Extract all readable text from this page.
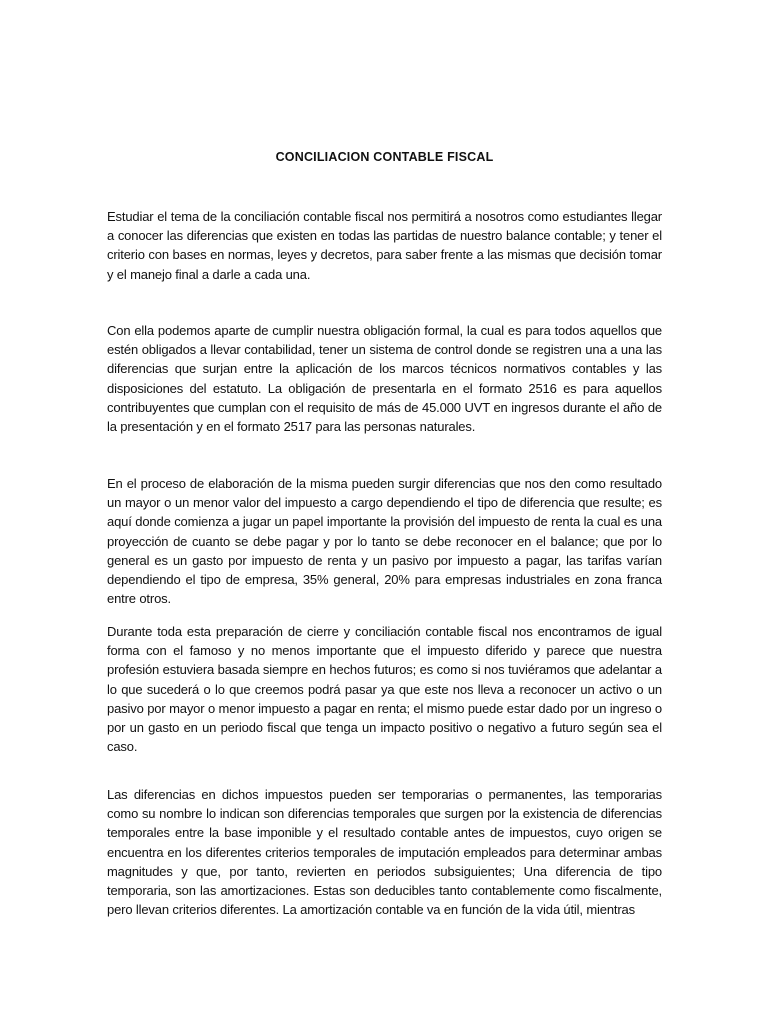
CONCILIACION CONTABLE FISCAL

Estudiar el tema de la conciliación contable fiscal nos permitirá a nosotros como estudiantes llegar a conocer las diferencias que existen en todas las partidas de nuestro balance contable; y tener el criterio con bases en normas, leyes y decretos, para saber frente a las mismas que decisión tomar y el manejo final a darle a cada una.

Con ella podemos aparte de cumplir nuestra obligación formal, la cual es para todos aquellos que estén obligados a llevar contabilidad, tener un sistema de control donde se registren una a una las diferencias que surjan entre la aplicación de los marcos técnicos normativos contables y las disposiciones del estatuto. La obligación de presentarla en el formato 2516 es para aquellos contribuyentes que cumplan con el requisito de más de 45.000 UVT en ingresos durante el año de la presentación y en el formato 2517 para las personas naturales.

En el proceso de elaboración de la misma pueden surgir diferencias que nos den como resultado un mayor o un menor valor del impuesto a cargo dependiendo el tipo de diferencia que resulte; es aquí donde comienza a jugar un papel importante la provisión del impuesto de renta la cual es una proyección de cuanto se debe pagar y por lo tanto se debe reconocer en el balance; que por lo general es un gasto por impuesto de renta y un pasivo por impuesto a pagar, las tarifas varían dependiendo el tipo de empresa, 35% general, 20% para empresas industriales en zona franca entre otros.

Durante toda esta preparación de cierre y conciliación contable fiscal nos encontramos de igual forma con el famoso y no menos importante que el impuesto diferido y parece que nuestra profesión estuviera basada siempre en hechos futuros; es como si nos tuviéramos que adelantar a lo que sucederá o lo que creemos podrá pasar ya que este nos lleva a reconocer un activo o un pasivo por mayor o menor impuesto a pagar en renta; el mismo puede estar dado por un ingreso o por un gasto en un periodo fiscal que tenga un impacto positivo o negativo a futuro según sea el caso.

Las diferencias en dichos impuestos pueden ser temporarias o permanentes, las temporarias como su nombre lo indican son diferencias temporales que surgen por la existencia de diferencias temporales entre la base imponible y el resultado contable antes de impuestos, cuyo origen se encuentra en los diferentes criterios temporales de imputación empleados para determinar ambas magnitudes y que, por tanto, revierten en periodos subsiguientes; Una diferencia de tipo temporaria, son las amortizaciones. Estas son deducibles tanto contablemente como fiscalmente, pero llevan criterios diferentes. La amortización contable va en función de la vida útil, mientras
